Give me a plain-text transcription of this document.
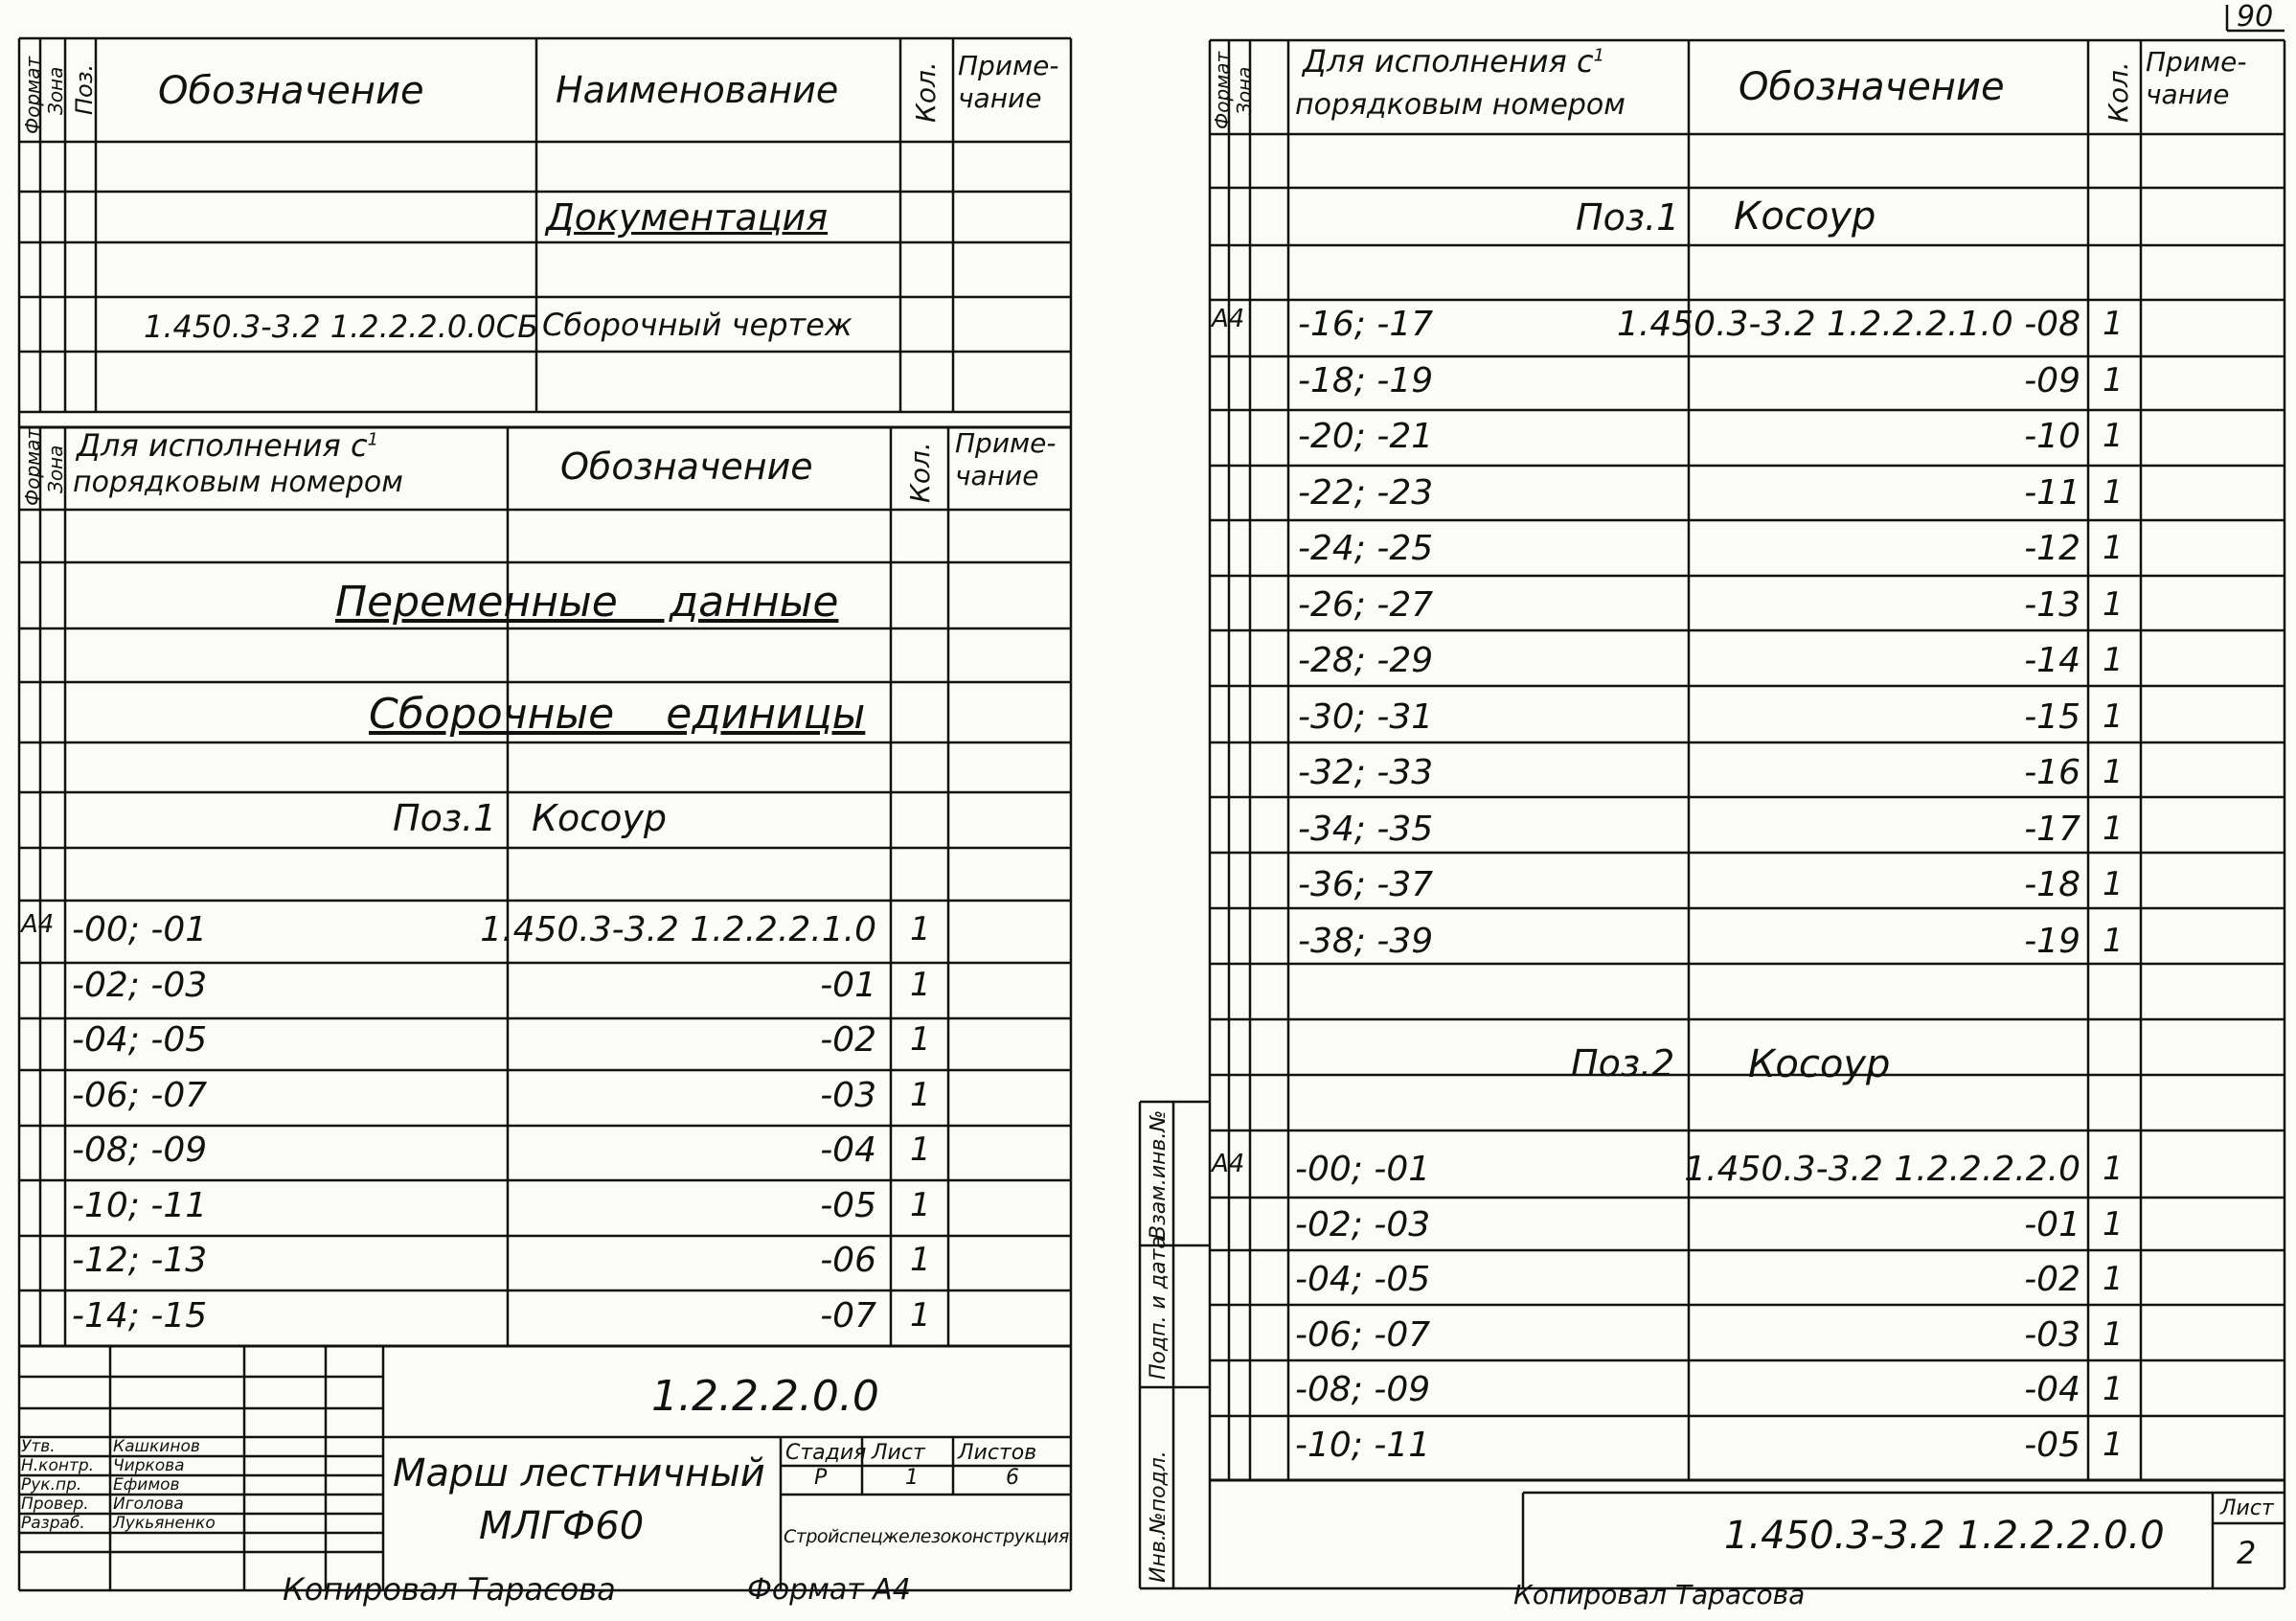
Формат Зона Поз. Обозначение	Наименование	Кол. Приме-
чание
Документация
1.450.3-3.2 1.2.2.2.0.0СБ Сборочный чертеж
Формат Зона Для исполнения $с^1$
порядковым номером	Обозначение	Кол. Приме-
чание
Переменные данные
Сборочные единицы
Поз.1 Косоур
А4 -00; -01	1.450.3-3.2 1.2.2.2.1.0 1
-02; -03	-01 1
-04; -05	-02 1
-06; -07	-03 1
-08; -09	-04 1
-10; -11	-05 1
-12; -13	-06 1
-14; -15	-07 1
1.2.2.2.0.0
Марш лестничный
МЛГФ60
Стадия Лист Листов
Р	1	6
Стройспецжелезоконструкция
Утв.	Кашкинов
Н.контр. Чиркова
Рук.пр. Ефимов
Провер. Иголова
Разраб. Лукьяненко
Копировал Тарасова	Формат А4
90
Формат Зона
Для исполнения $с^1$
порядковым номером	Обозначение	Кол. Приме-
чание
Поз.1 Косоур
А4 -16; -17	1.450.3-3.2 1.2.2.2.1.0 -08 1
-18; -19	-09 1
-20; -21	-10 1
-22; -23	-11 1
-24; -25	-12 1
-26; -27	-13 1
-28; -29	-14 1
-30; -31	-15 1
-32; -33	-16 1
-34; -35	-17 1
-36; -37	-18 1
-38; -39	-19 1
Поз.2 Косоур
А4 -00; -01	1.450.3-3.2 1.2.2.2.2.0 1
-02; -03	-01 1
-04; -05	-02 1
-06; -07	-03 1
-08; -09	-04 1
-10; -11	-05 1
Инв.№подл.
Подп. и дата
Взам.инв.№
1.450.3-3.2 1.2.2.2.0.0
Лист
2
Копировал Тарасова
